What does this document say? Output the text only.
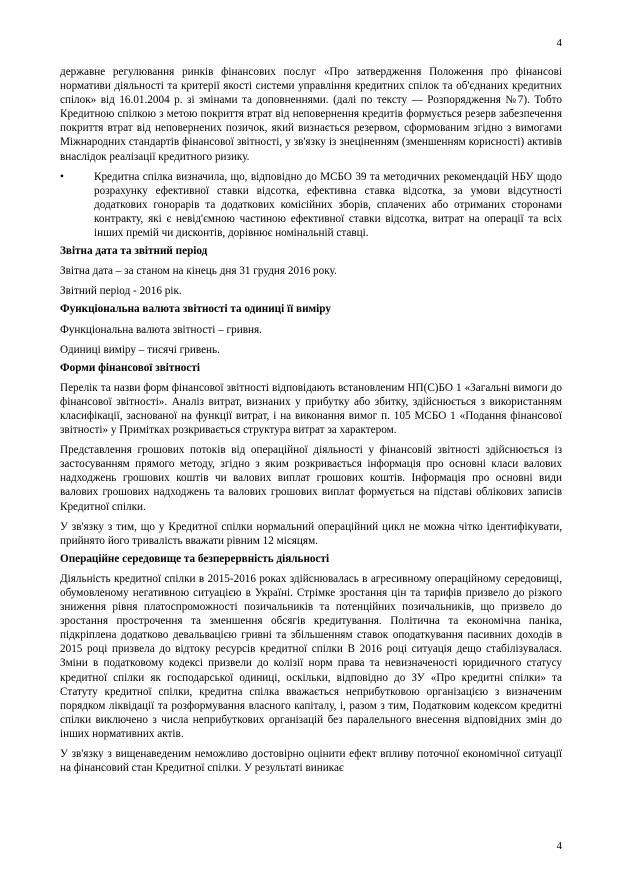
4

державне регулювання ринків фінансових послуг «Про затвердження Положення про фінансові нормативи діяльності та критерії якості системи управління кредитних спілок та об'єднаних кредитних спілок» від 16.01.2004 р. зі змінами та доповненнями. (далі по тексту — Розпорядження №7). Тобто Кредитною спілкою з метою покриття втрат від неповернення кредитів формується резерв забезпечення покриття втрат від неповернених позичок, який визнається резервом, сформованим згідно з вимогами Міжнародних стандартів фінансової звітності, у зв'язку із знеціненням (зменшенням корисності) активів внаслідок реалізації кредитного ризику.

•	Кредитна спілка визначила, що, відповідно до МСБО 39 та методичних рекомендацій НБУ щодо розрахунку ефективної ставки відсотка, ефективна ставка відсотка, за умови відсутності додаткових гонорарів та додаткових комісійних зборів, сплачених або отриманих сторонами контракту, які є невід'ємною частиною ефективної ставки відсотка, витрат на операції та всіх інших премій чи дисконтів, дорівнює номінальній ставці.

Звітна дата та звітний період

Звітна дата – за станом на кінець дня 31 грудня 2016 року.

Звітний період - 2016 рік.

Функціональна валюта звітності та одиниці її виміру

Функціональна валюта звітності – гривня.

Одиниці виміру – тисячі гривень.

Форми фінансової звітності

Перелік та назви форм фінансової звітності відповідають встановленим НП(С)БО 1 «Загальні вимоги до фінансової звітності». Аналіз витрат, визнаних у прибутку або збитку, здійснюється з використанням класифікації, заснованої на функції витрат, і на виконання вимог п. 105 МСБО 1 «Подання фінансової звітності» у Примітках розкривається структура витрат за характером.

Представлення грошових потоків від операційної діяльності у фінансовій звітності здійснюється із застосуванням прямого методу, згідно з яким розкривається інформація про основні класи валових надходжень грошових коштів чи валових виплат грошових коштів. Інформація про основні види валових грошових надходжень та валових грошових виплат формується на підставі облікових записів Кредитної спілки.

У зв'язку з тим, що у Кредитної спілки нормальний операційний цикл не можна чітко ідентифікувати, прийнято його тривалість вважати рівним 12 місяцям.

Операційне середовище та безперервність діяльності

Діяльність кредитної спілки в 2015-2016 роках здійснювалась в агресивному операційному середовищі, обумовленому негативною ситуацією в Україні. Стрімке зростання цін та тарифів призвело до різкого зниження рівня платоспроможності позичальників та потенційних позичальників, що призвело до зростання прострочення та зменшення обсягів кредитування. Політична та економічна паніка, підкріплена додатково девальвацією гривні та збільшенням ставок оподаткування пасивних доходів в 2015 році призвела до відтоку ресурсів кредитної спілки В 2016 році ситуація дещо стабілізувалася. Зміни в податковому кодексі призвели до колізії норм права та невизначеності юридичного статусу кредитної спілки як господарської одиниці, оскільки, відповідно до ЗУ «Про кредитні спілки» та Статуту кредитної спілки, кредитна спілка вважається неприбутковою організацією з визначеним порядком ліквідації та розформування власного капіталу, і, разом з тим, Податковим кодексом кредитні спілки виключено з числа неприбуткових організацій без паралельного внесення відповідних змін до інших нормативних актів.

У зв'язку з вищенаведеним неможливо достовірно оцінити ефект впливу поточної економічної ситуації на фінансовий стан Кредитної спілки. У результаті виникає

4
